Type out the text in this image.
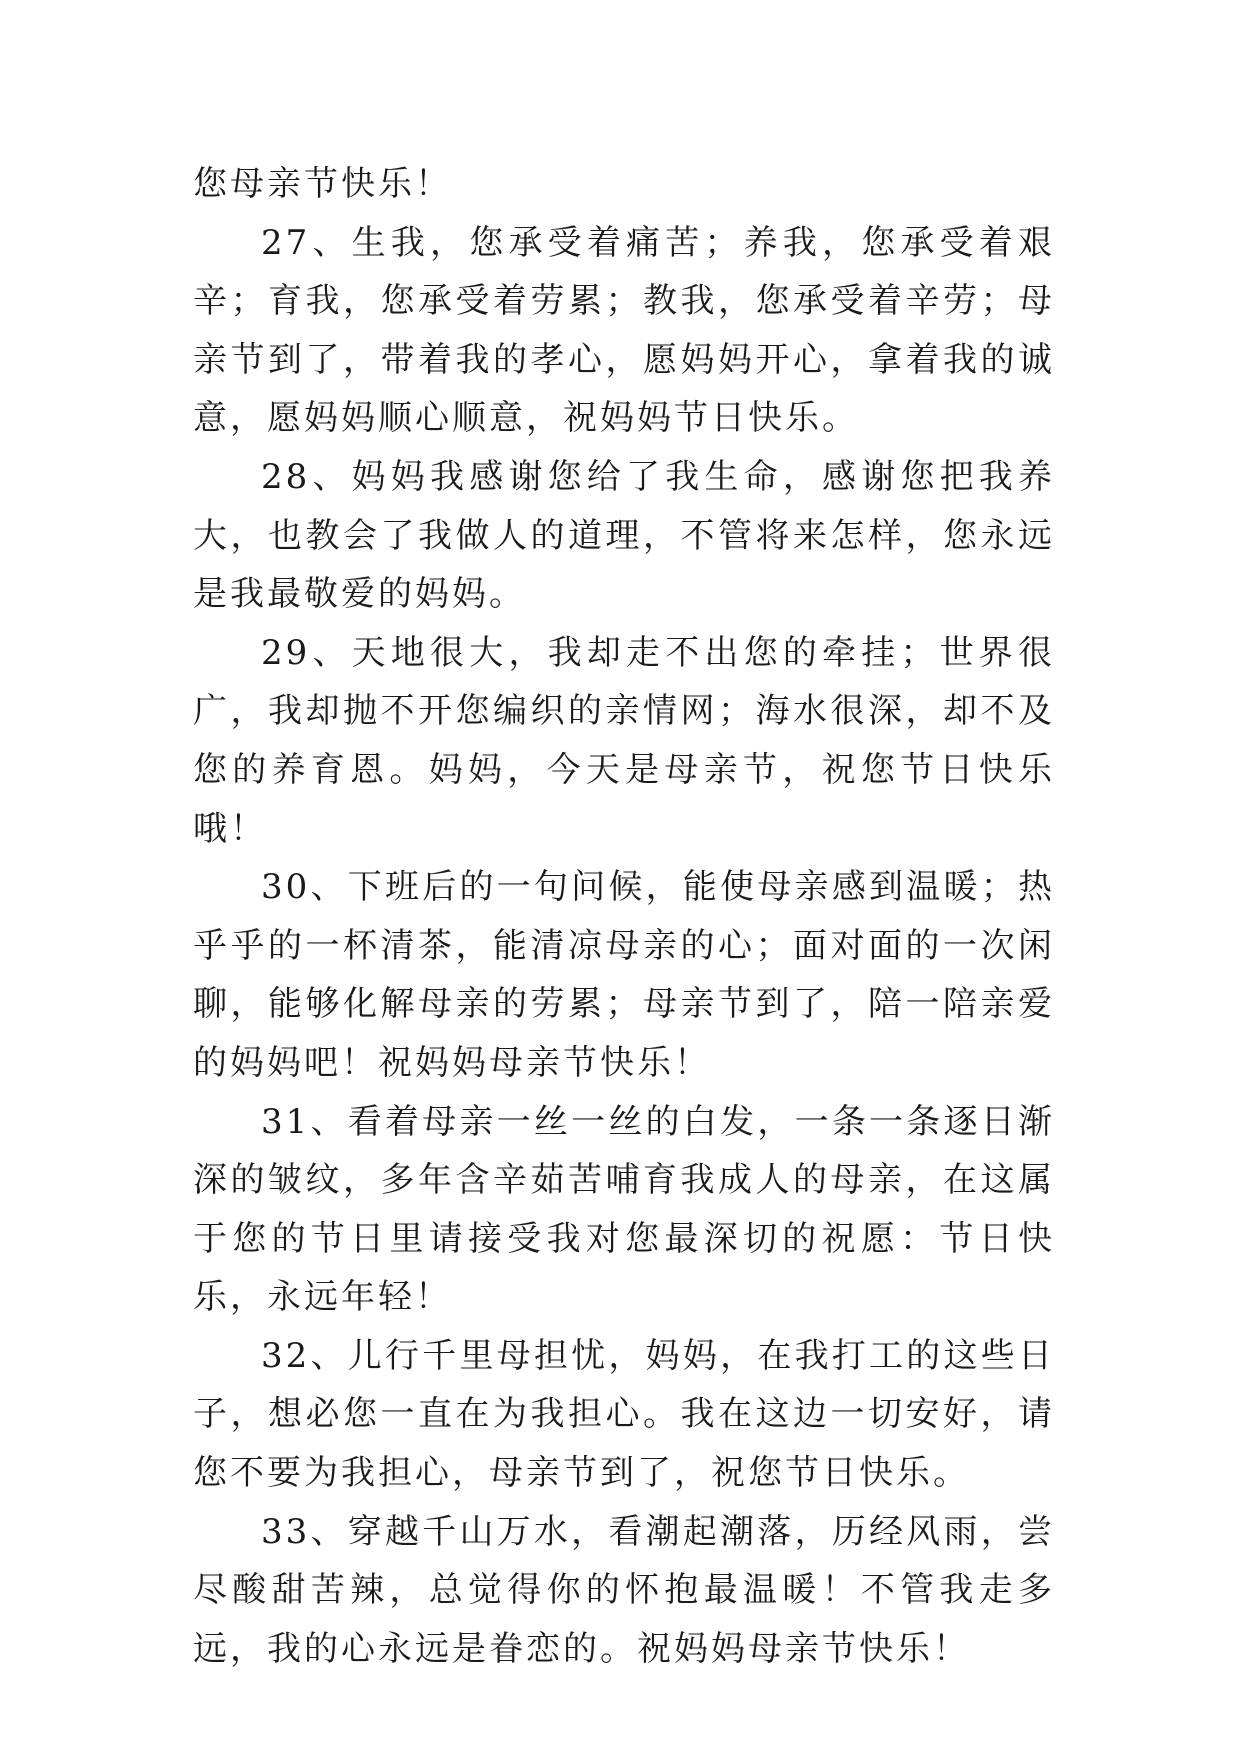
您母亲节快乐！

27、生我，您承受着痛苦；养我，您承受着艰辛；育我，您承受着劳累；教我，您承受着辛劳；母亲节到了，带着我的孝心，愿妈妈开心，拿着我的诚意，愿妈妈顺心顺意，祝妈妈节日快乐。

28、妈妈我感谢您给了我生命，感谢您把我养大，也教会了我做人的道理，不管将来怎样，您永远是我最敬爱的妈妈。

29、天地很大，我却走不出您的牵挂；世界很广，我却抛不开您编织的亲情网；海水很深，却不及您的养育恩。妈妈，今天是母亲节，祝您节日快乐哦！

30、下班后的一句问候，能使母亲感到温暖；热乎乎的一杯清茶，能清凉母亲的心；面对面的一次闲聊，能够化解母亲的劳累；母亲节到了，陪一陪亲爱的妈妈吧！祝妈妈母亲节快乐！

31、看着母亲一丝一丝的白发，一条一条逐日渐深的皱纹，多年含辛茹苦哺育我成人的母亲，在这属于您的节日里请接受我对您最深切的祝愿：节日快乐，永远年轻！

32、儿行千里母担忧，妈妈，在我打工的这些日子，想必您一直在为我担心。我在这边一切安好，请您不要为我担心，母亲节到了，祝您节日快乐。

33、穿越千山万水，看潮起潮落，历经风雨，尝尽酸甜苦辣，总觉得你的怀抱最温暖！不管我走多远，我的心永远是眷恋的。祝妈妈母亲节快乐！
